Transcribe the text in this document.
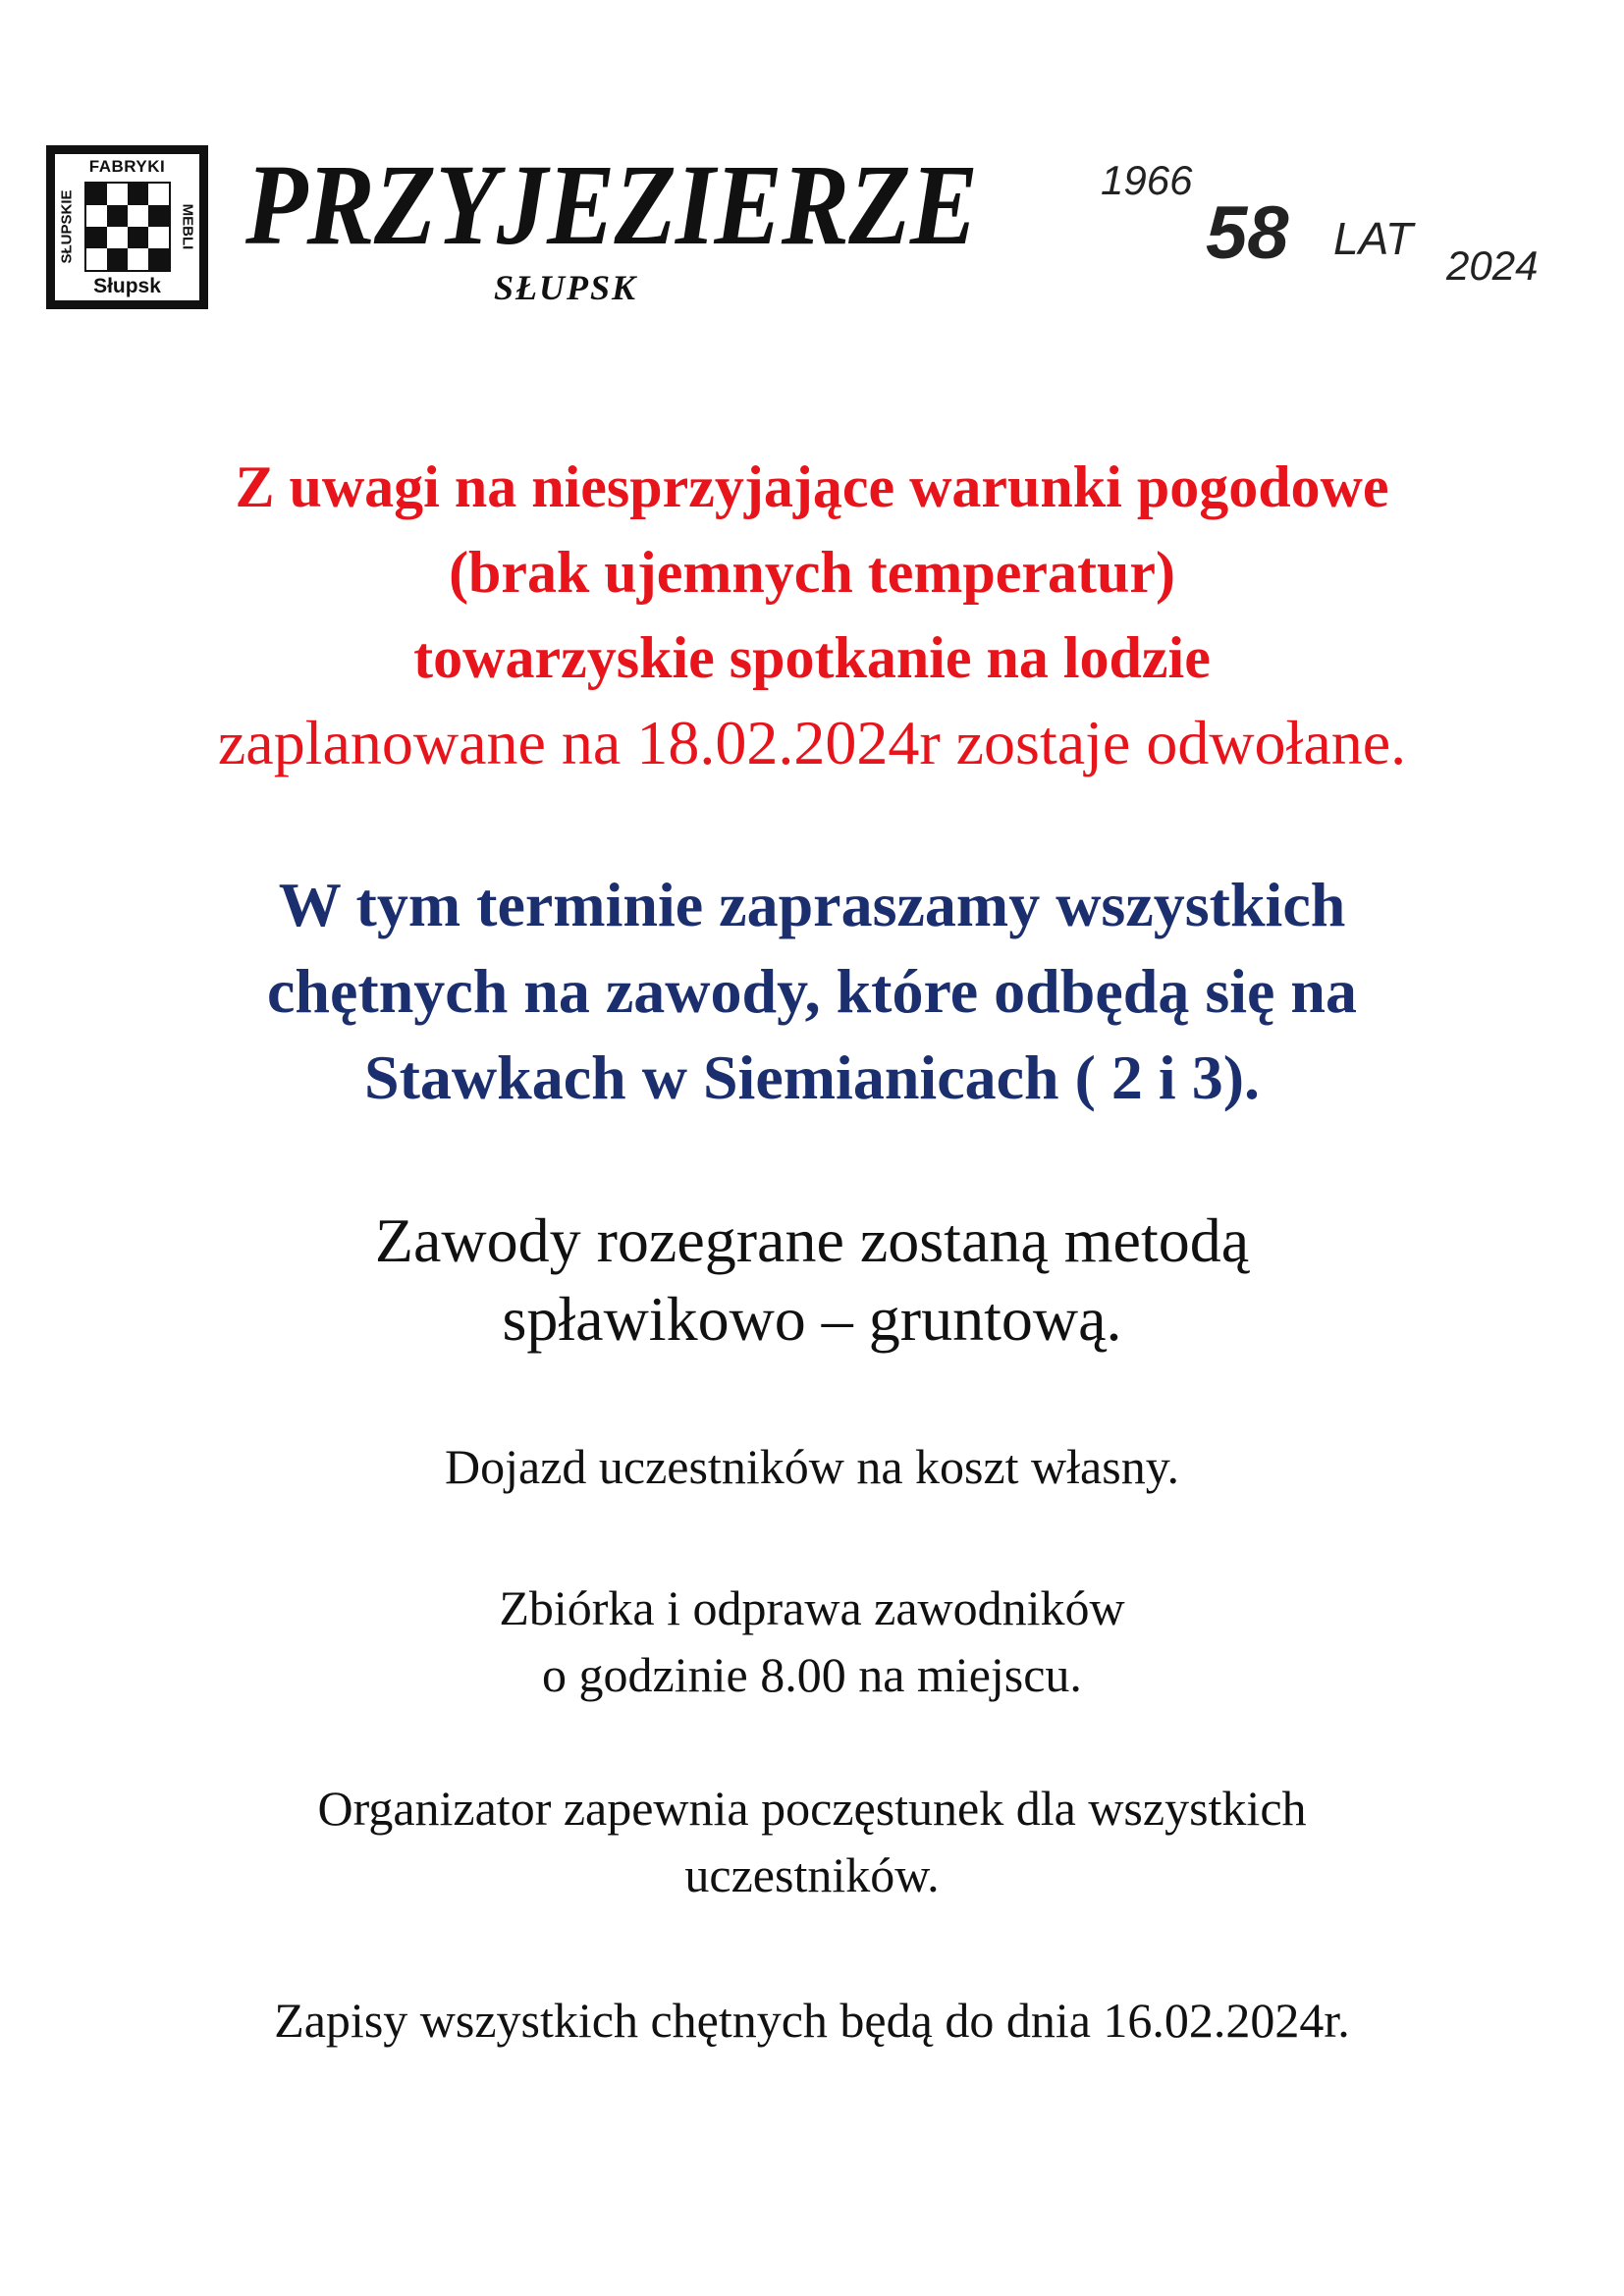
FABRYKI
SŁUPSKIE	MEBLI
Słupsk
PRZYJEZIERZE
SŁUPSK
1966
58 LAT
2024

Z uwagi na niesprzyjające warunki pogodowe
(brak ujemnych temperatur)
towarzyskie spotkanie na lodzie

zaplanowane na 18.02.2024r zostaje odwołane.

W tym terminie zapraszamy wszystkich
chętnych na zawody, które odbędą się na
Stawkach w Siemianicach ( 2 i 3).

Zawody rozegrane zostaną metodą
spławikowo – gruntową.

Dojazd uczestników na koszt własny.

Zbiórka i odprawa zawodników
o godzinie 8.00 na miejscu.

Organizator zapewnia poczęstunek dla wszystkich
uczestników.

Zapisy wszystkich chętnych będą do dnia 16.02.2024r.
